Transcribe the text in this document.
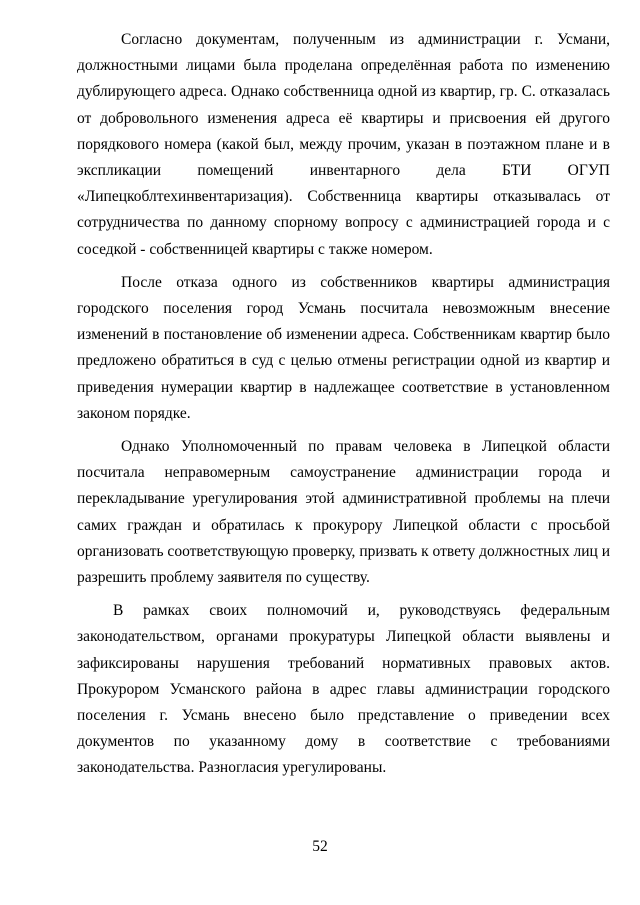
Согласно документам, полученным из администрации г. Усмани, должностными лицами была проделана определённая работа по изменению дублирующего адреса. Однако собственница одной из квартир, гр. С. отказалась от добровольного изменения адреса её квартиры и присвоения ей другого порядкового номера (какой был, между прочим, указан в поэтажном плане и в экспликации помещений инвентарного дела БТИ ОГУП «Липецкоблтехинвентаризация). Собственница квартиры отказывалась от сотрудничества по данному спорному вопросу с администрацией города и с соседкой - собственницей квартиры с также номером.

После отказа одного из собственников квартиры администрация городского поселения город Усмань посчитала невозможным внесение изменений в постановление об изменении адреса. Собственникам квартир было предложено обратиться в суд с целью отмены регистрации одной из квартир и приведения нумерации квартир в надлежащее соответствие в установленном законом порядке.

Однако Уполномоченный по правам человека в Липецкой области посчитала неправомерным самоустранение администрации города и перекладывание урегулирования этой административной проблемы на плечи самих граждан и обратилась к прокурору Липецкой области с просьбой организовать соответствующую проверку, призвать к ответу должностных лиц и разрешить проблему заявителя по существу.

В рамках своих полномочий и, руководствуясь федеральным законодательством, органами прокуратуры Липецкой области выявлены и зафиксированы нарушения требований нормативных правовых актов. Прокурором Усманского района в адрес главы администрации городского поселения г. Усмань внесено было представление о приведении всех документов по указанному дому в соответствие с требованиями законодательства. Разногласия урегулированы.

52
